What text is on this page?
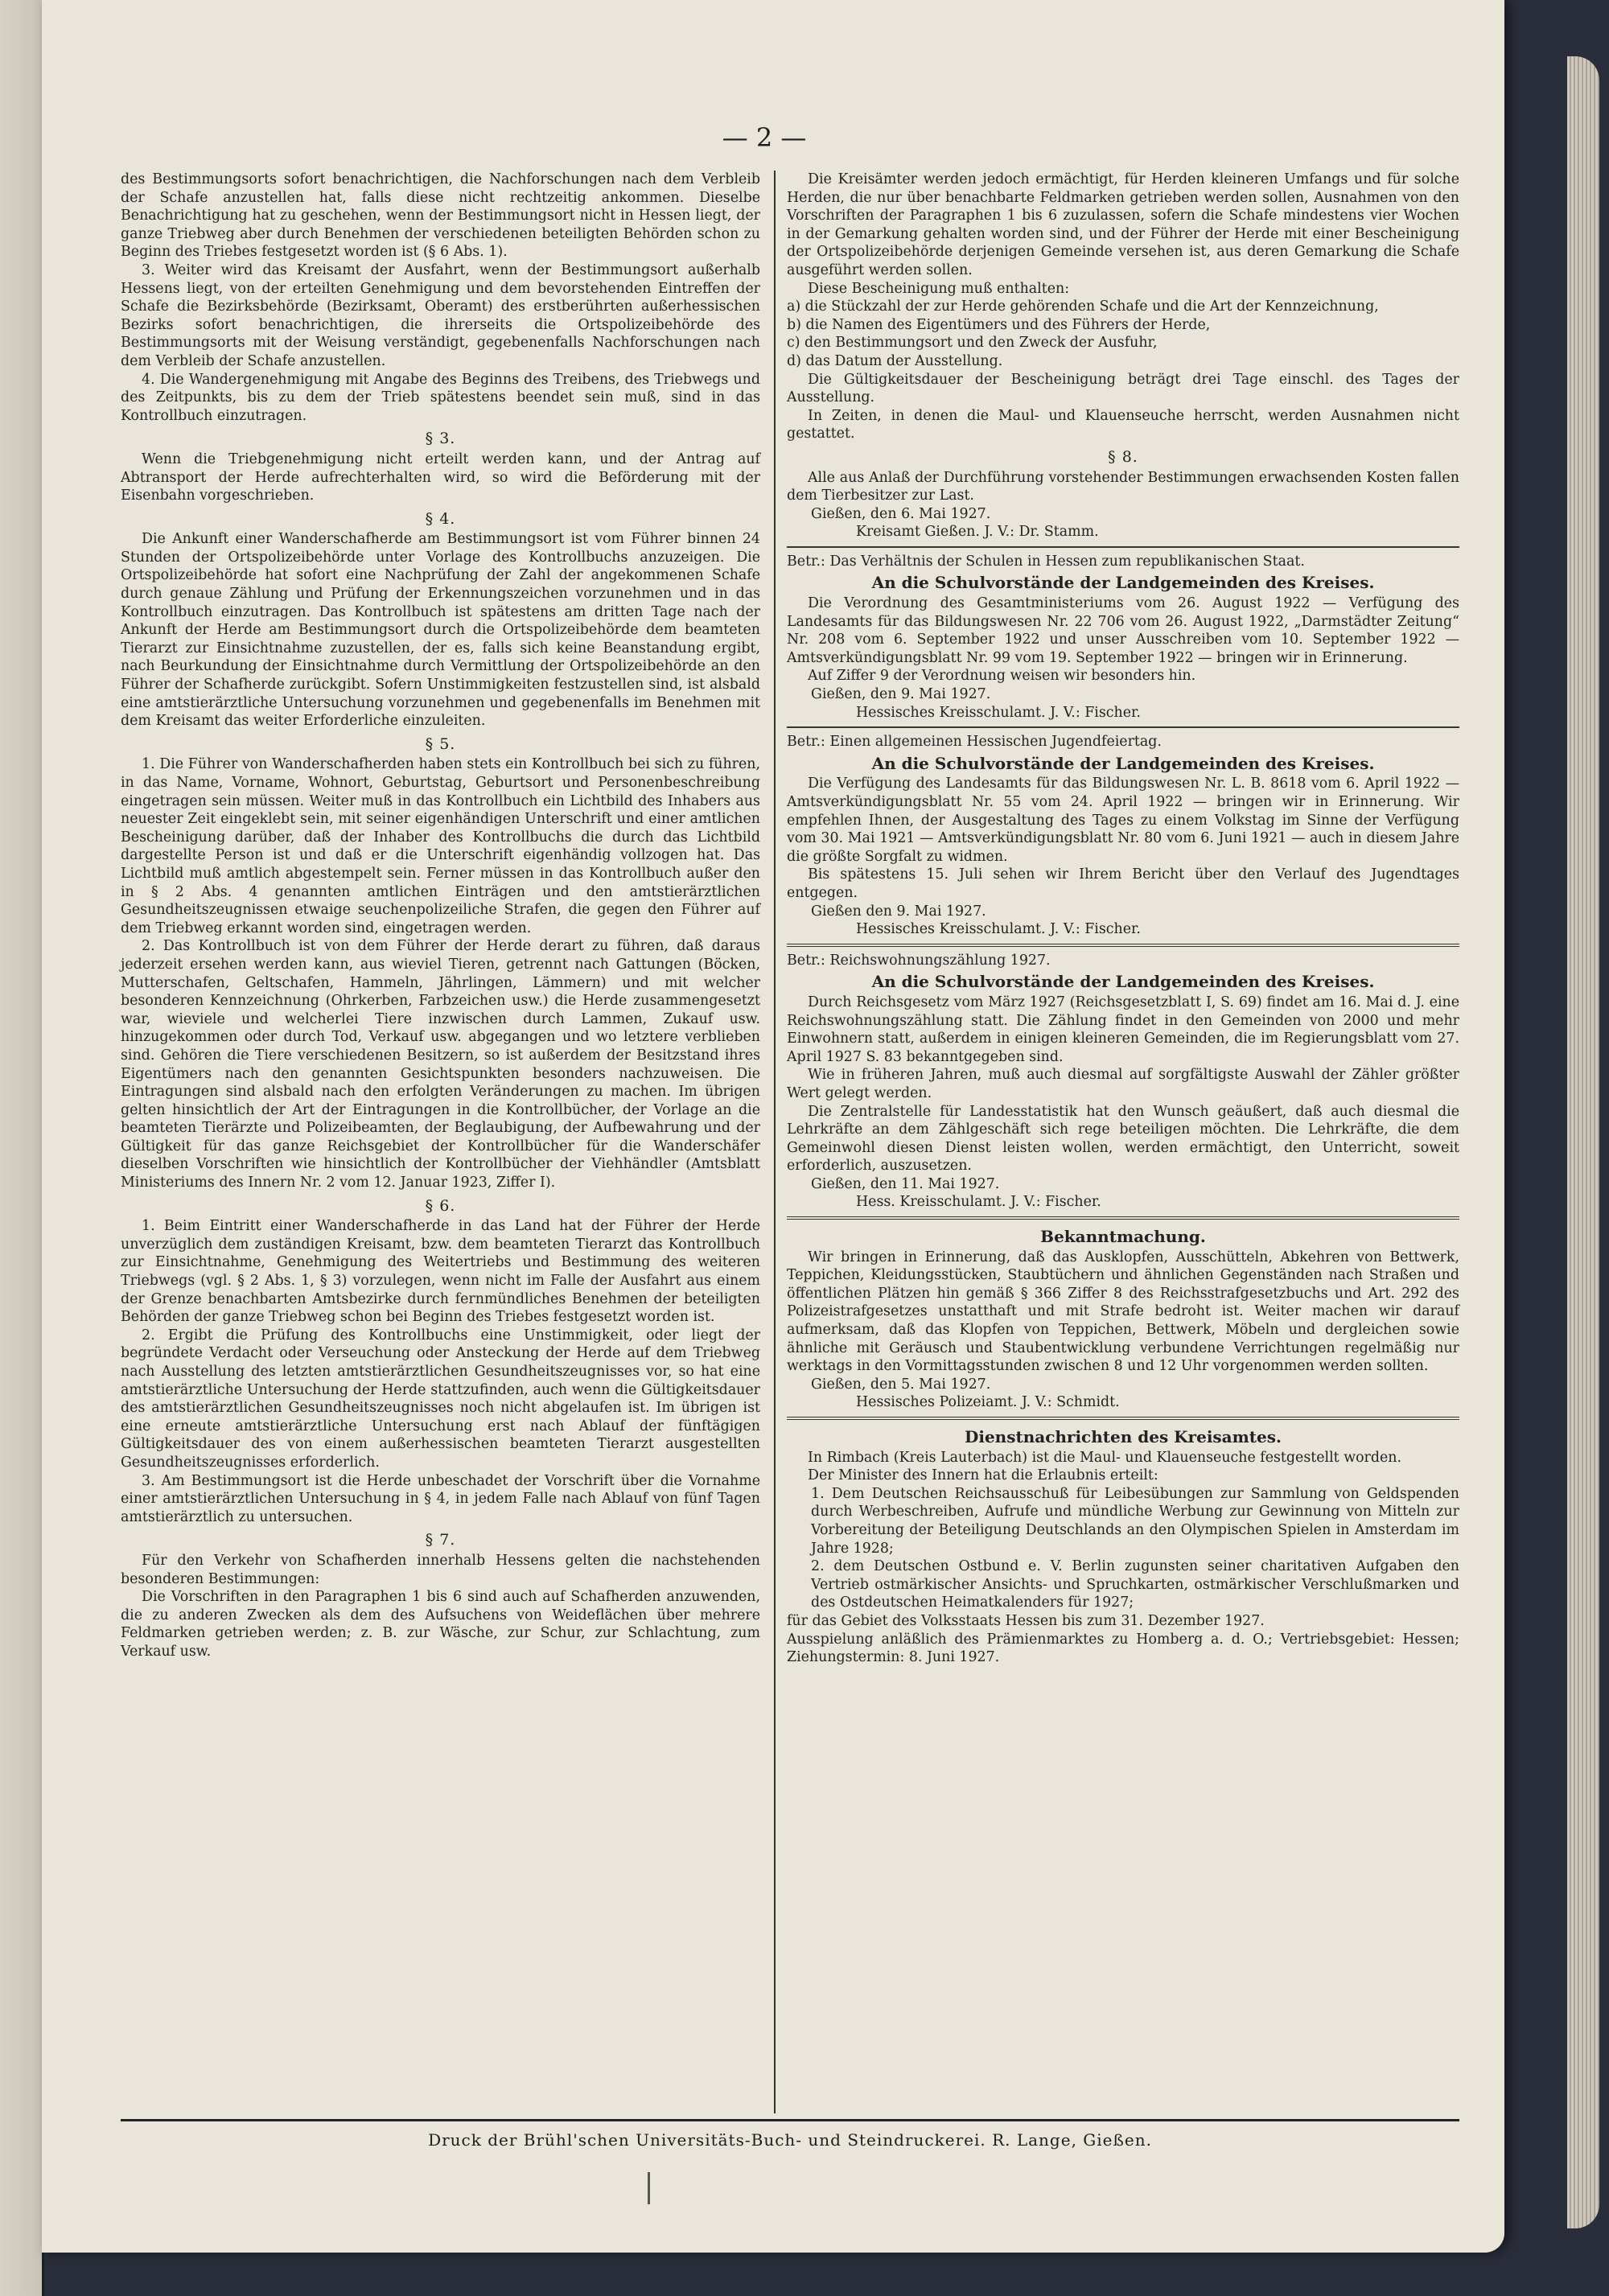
— 2 —

des Bestimmungsorts sofort benachrichtigen, die Nachforschungen nach dem Verbleib der Schafe anzustellen hat, falls diese nicht rechtzeitig ankommen. Dieselbe Benachrichtigung hat zu geschehen, wenn der Bestimmungsort nicht in Hessen liegt, der ganze Triebweg aber durch Benehmen der verschiedenen beteiligten Behörden schon zu Beginn des Triebes festgesetzt worden ist (§ 6 Abs. 1).

3. Weiter wird das Kreisamt der Ausfahrt, wenn der Bestimmungsort außerhalb Hessens liegt, von der erteilten Genehmigung und dem bevorstehenden Eintreffen der Schafe die Bezirksbehörde (Bezirksamt, Oberamt) des erstberührten außerhessischen Bezirks sofort benachrichtigen, die ihrerseits die Ortspolizeibehörde des Bestimmungsorts mit der Weisung verständigt, gegebenenfalls Nachforschungen nach dem Verbleib der Schafe anzustellen.

4. Die Wandergenehmigung mit Angabe des Beginns des Treibens, des Triebwegs und des Zeitpunkts, bis zu dem der Trieb spätestens beendet sein muß, sind in das Kontrollbuch einzutragen.

§ 3.

Wenn die Triebgenehmigung nicht erteilt werden kann, und der Antrag auf Abtransport der Herde aufrechterhalten wird, so wird die Beförderung mit der Eisenbahn vorgeschrieben.

§ 4.

Die Ankunft einer Wanderschafherde am Bestimmungsort ist vom Führer binnen 24 Stunden der Ortspolizeibehörde unter Vorlage des Kontrollbuchs anzuzeigen. Die Ortspolizeibehörde hat sofort eine Nachprüfung der Zahl der angekommenen Schafe durch genaue Zählung und Prüfung der Erkennungszeichen vorzunehmen und in das Kontrollbuch einzutragen. Das Kontrollbuch ist spätestens am dritten Tage nach der Ankunft der Herde am Bestimmungsort durch die Ortspolizeibehörde dem beamteten Tierarzt zur Einsichtnahme zuzustellen, der es, falls sich keine Beanstandung ergibt, nach Beurkundung der Einsichtnahme durch Vermittlung der Ortspolizeibehörde an den Führer der Schafherde zurückgibt. Sofern Unstimmigkeiten festzustellen sind, ist alsbald eine amtstierärztliche Untersuchung vorzunehmen und gegebenenfalls im Benehmen mit dem Kreisamt das weiter Erforderliche einzuleiten.

§ 5.

1. Die Führer von Wanderschafherden haben stets ein Kontrollbuch bei sich zu führen, in das Name, Vorname, Wohnort, Geburtstag, Geburtsort und Personenbeschreibung eingetragen sein müssen. Weiter muß in das Kontrollbuch ein Lichtbild des Inhabers aus neuester Zeit eingeklebt sein, mit seiner eigenhändigen Unterschrift und einer amtlichen Bescheinigung darüber, daß der Inhaber des Kontrollbuchs die durch das Lichtbild dargestellte Person ist und daß er die Unterschrift eigenhändig vollzogen hat. Das Lichtbild muß amtlich abgestempelt sein. Ferner müssen in das Kontrollbuch außer den in § 2 Abs. 4 genannten amtlichen Einträgen und den amtstierärztlichen Gesundheitszeugnissen etwaige seuchenpolizeiliche Strafen, die gegen den Führer auf dem Triebweg erkannt worden sind, eingetragen werden.

2. Das Kontrollbuch ist von dem Führer der Herde derart zu führen, daß daraus jederzeit ersehen werden kann, aus wieviel Tieren, getrennt nach Gattungen (Böcken, Mutterschafen, Geltschafen, Hammeln, Jährlingen, Lämmern) und mit welcher besonderen Kennzeichnung (Ohrkerben, Farbzeichen usw.) die Herde zusammengesetzt war, wieviele und welcherlei Tiere inzwischen durch Lammen, Zukauf usw. hinzugekommen oder durch Tod, Verkauf usw. abgegangen und wo letztere verblieben sind. Gehören die Tiere verschiedenen Besitzern, so ist außerdem der Besitzstand ihres Eigentümers nach den genannten Gesichtspunkten besonders nachzuweisen. Die Eintragungen sind alsbald nach den erfolgten Veränderungen zu machen. Im übrigen gelten hinsichtlich der Art der Eintragungen in die Kontrollbücher, der Vorlage an die beamteten Tierärzte und Polizeibeamten, der Beglaubigung, der Aufbewahrung und der Gültigkeit für das ganze Reichsgebiet der Kontrollbücher für die Wanderschäfer dieselben Vorschriften wie hinsichtlich der Kontrollbücher der Viehhändler (Amtsblatt Ministeriums des Innern Nr. 2 vom 12. Januar 1923, Ziffer I).

§ 6.

1. Beim Eintritt einer Wanderschafherde in das Land hat der Führer der Herde unverzüglich dem zuständigen Kreisamt, bzw. dem beamteten Tierarzt das Kontrollbuch zur Einsichtnahme, Genehmigung des Weitertriebs und Bestimmung des weiteren Triebwegs (vgl. § 2 Abs. 1, § 3) vorzulegen, wenn nicht im Falle der Ausfahrt aus einem der Grenze benachbarten Amtsbezirke durch fernmündliches Benehmen der beteiligten Behörden der ganze Triebweg schon bei Beginn des Triebes festgesetzt worden ist.

2. Ergibt die Prüfung des Kontrollbuchs eine Unstimmigkeit, oder liegt der begründete Verdacht oder Verseuchung oder Ansteckung der Herde auf dem Triebweg nach Ausstellung des letzten amtstierärztlichen Gesundheitszeugnisses vor, so hat eine amtstierärztliche Untersuchung der Herde stattzufinden, auch wenn die Gültigkeitsdauer des amtstierärztlichen Gesundheitszeugnisses noch nicht abgelaufen ist. Im übrigen ist eine erneute amtstierärztliche Untersuchung erst nach Ablauf der fünftägigen Gültigkeitsdauer des von einem außerhessischen beamteten Tierarzt ausgestellten Gesundheitszeugnisses erforderlich.

3. Am Bestimmungsort ist die Herde unbeschadet der Vorschrift über die Vornahme einer amtstierärztlichen Untersuchung in § 4, in jedem Falle nach Ablauf von fünf Tagen amtstierärztlich zu untersuchen.

§ 7.

Für den Verkehr von Schafherden innerhalb Hessens gelten die nachstehenden besonderen Bestimmungen:

Die Vorschriften in den Paragraphen 1 bis 6 sind auch auf Schafherden anzuwenden, die zu anderen Zwecken als dem des Aufsuchens von Weideflächen über mehrere Feldmarken getrieben werden; z. B. zur Wäsche, zur Schur, zur Schlachtung, zum Verkauf usw.

Die Kreisämter werden jedoch ermächtigt, für Herden kleineren Umfangs und für solche Herden, die nur über benachbarte Feldmarken getrieben werden sollen, Ausnahmen von den Vorschriften der Paragraphen 1 bis 6 zuzulassen, sofern die Schafe mindestens vier Wochen in der Gemarkung gehalten worden sind, und der Führer der Herde mit einer Bescheinigung der Ortspolizeibehörde derjenigen Gemeinde versehen ist, aus deren Gemarkung die Schafe ausgeführt werden sollen.

Diese Bescheinigung muß enthalten:

a) die Stückzahl der zur Herde gehörenden Schafe und die Art der Kennzeichnung,

b) die Namen des Eigentümers und des Führers der Herde,

c) den Bestimmungsort und den Zweck der Ausfuhr,

d) das Datum der Ausstellung.

Die Gültigkeitsdauer der Bescheinigung beträgt drei Tage einschl. des Tages der Ausstellung.

In Zeiten, in denen die Maul- und Klauenseuche herrscht, werden Ausnahmen nicht gestattet.

§ 8.

Alle aus Anlaß der Durchführung vorstehender Bestimmungen erwachsenden Kosten fallen dem Tierbesitzer zur Last.

Gießen, den 6. Mai 1927.

Kreisamt Gießen. J. V.: Dr. Stamm.

Betr.: Das Verhältnis der Schulen in Hessen zum republikanischen Staat.

An die Schulvorstände der Landgemeinden des Kreises.

Die Verordnung des Gesamtministeriums vom 26. August 1922 — Verfügung des Landesamts für das Bildungswesen Nr. 22 706 vom 26. August 1922, „Darmstädter Zeitung“ Nr. 208 vom 6. September 1922 und unser Ausschreiben vom 10. September 1922 — Amtsverkündigungsblatt Nr. 99 vom 19. September 1922 — bringen wir in Erinnerung.

Auf Ziffer 9 der Verordnung weisen wir besonders hin.

Gießen, den 9. Mai 1927.

Hessisches Kreisschulamt. J. V.: Fischer.

Betr.: Einen allgemeinen Hessischen Jugendfeiertag.

An die Schulvorstände der Landgemeinden des Kreises.

Die Verfügung des Landesamts für das Bildungswesen Nr. L. B. 8618 vom 6. April 1922 — Amtsverkündigungsblatt Nr. 55 vom 24. April 1922 — bringen wir in Erinnerung. Wir empfehlen Ihnen, der Ausgestaltung des Tages zu einem Volkstag im Sinne der Verfügung vom 30. Mai 1921 — Amtsverkündigungsblatt Nr. 80 vom 6. Juni 1921 — auch in diesem Jahre die größte Sorgfalt zu widmen.

Bis spätestens 15. Juli sehen wir Ihrem Bericht über den Verlauf des Jugendtages entgegen.

Gießen den 9. Mai 1927.

Hessisches Kreisschulamt. J. V.: Fischer.

Betr.: Reichswohnungszählung 1927.

An die Schulvorstände der Landgemeinden des Kreises.

Durch Reichsgesetz vom März 1927 (Reichsgesetzblatt I, S. 69) findet am 16. Mai d. J. eine Reichswohnungszählung statt. Die Zählung findet in den Gemeinden von 2000 und mehr Einwohnern statt, außerdem in einigen kleineren Gemeinden, die im Regierungsblatt vom 27. April 1927 S. 83 bekanntgegeben sind.

Wie in früheren Jahren, muß auch diesmal auf sorgfältigste Auswahl der Zähler größter Wert gelegt werden.

Die Zentralstelle für Landesstatistik hat den Wunsch geäußert, daß auch diesmal die Lehrkräfte an dem Zählgeschäft sich rege beteiligen möchten. Die Lehrkräfte, die dem Gemeinwohl diesen Dienst leisten wollen, werden ermächtigt, den Unterricht, soweit erforderlich, auszusetzen.

Gießen, den 11. Mai 1927.

Hess. Kreisschulamt. J. V.: Fischer.

Bekanntmachung.

Wir bringen in Erinnerung, daß das Ausklopfen, Ausschütteln, Abkehren von Bettwerk, Teppichen, Kleidungsstücken, Staubtüchern und ähnlichen Gegenständen nach Straßen und öffentlichen Plätzen hin gemäß § 366 Ziffer 8 des Reichsstrafgesetzbuchs und Art. 292 des Polizeistrafgesetzes unstatthaft und mit Strafe bedroht ist. Weiter machen wir darauf aufmerksam, daß das Klopfen von Teppichen, Bettwerk, Möbeln und dergleichen sowie ähnliche mit Geräusch und Staubentwicklung verbundene Verrichtungen regelmäßig nur werktags in den Vormittagsstunden zwischen 8 und 12 Uhr vorgenommen werden sollten.

Gießen, den 5. Mai 1927.

Hessisches Polizeiamt. J. V.: Schmidt.

Dienstnachrichten des Kreisamtes.

In Rimbach (Kreis Lauterbach) ist die Maul- und Klauenseuche festgestellt worden.

Der Minister des Innern hat die Erlaubnis erteilt:

1. Dem Deutschen Reichsausschuß für Leibesübungen zur Sammlung von Geldspenden durch Werbeschreiben, Aufrufe und mündliche Werbung zur Gewinnung von Mitteln zur Vorbereitung der Beteiligung Deutschlands an den Olympischen Spielen in Amsterdam im Jahre 1928;

2. dem Deutschen Ostbund e. V. Berlin zugunsten seiner charitativen Aufgaben den Vertrieb ostmärkischer Ansichts- und Spruchkarten, ostmärkischer Verschlußmarken und des Ostdeutschen Heimatkalenders für 1927;

für das Gebiet des Volksstaats Hessen bis zum 31. Dezember 1927.

Ausspielung anläßlich des Prämienmarktes zu Homberg a. d. O.; Vertriebsgebiet: Hessen; Ziehungstermin: 8. Juni 1927.

Druck der Brühl'schen Universitäts-Buch- und Steindruckerei. R. Lange, Gießen.
